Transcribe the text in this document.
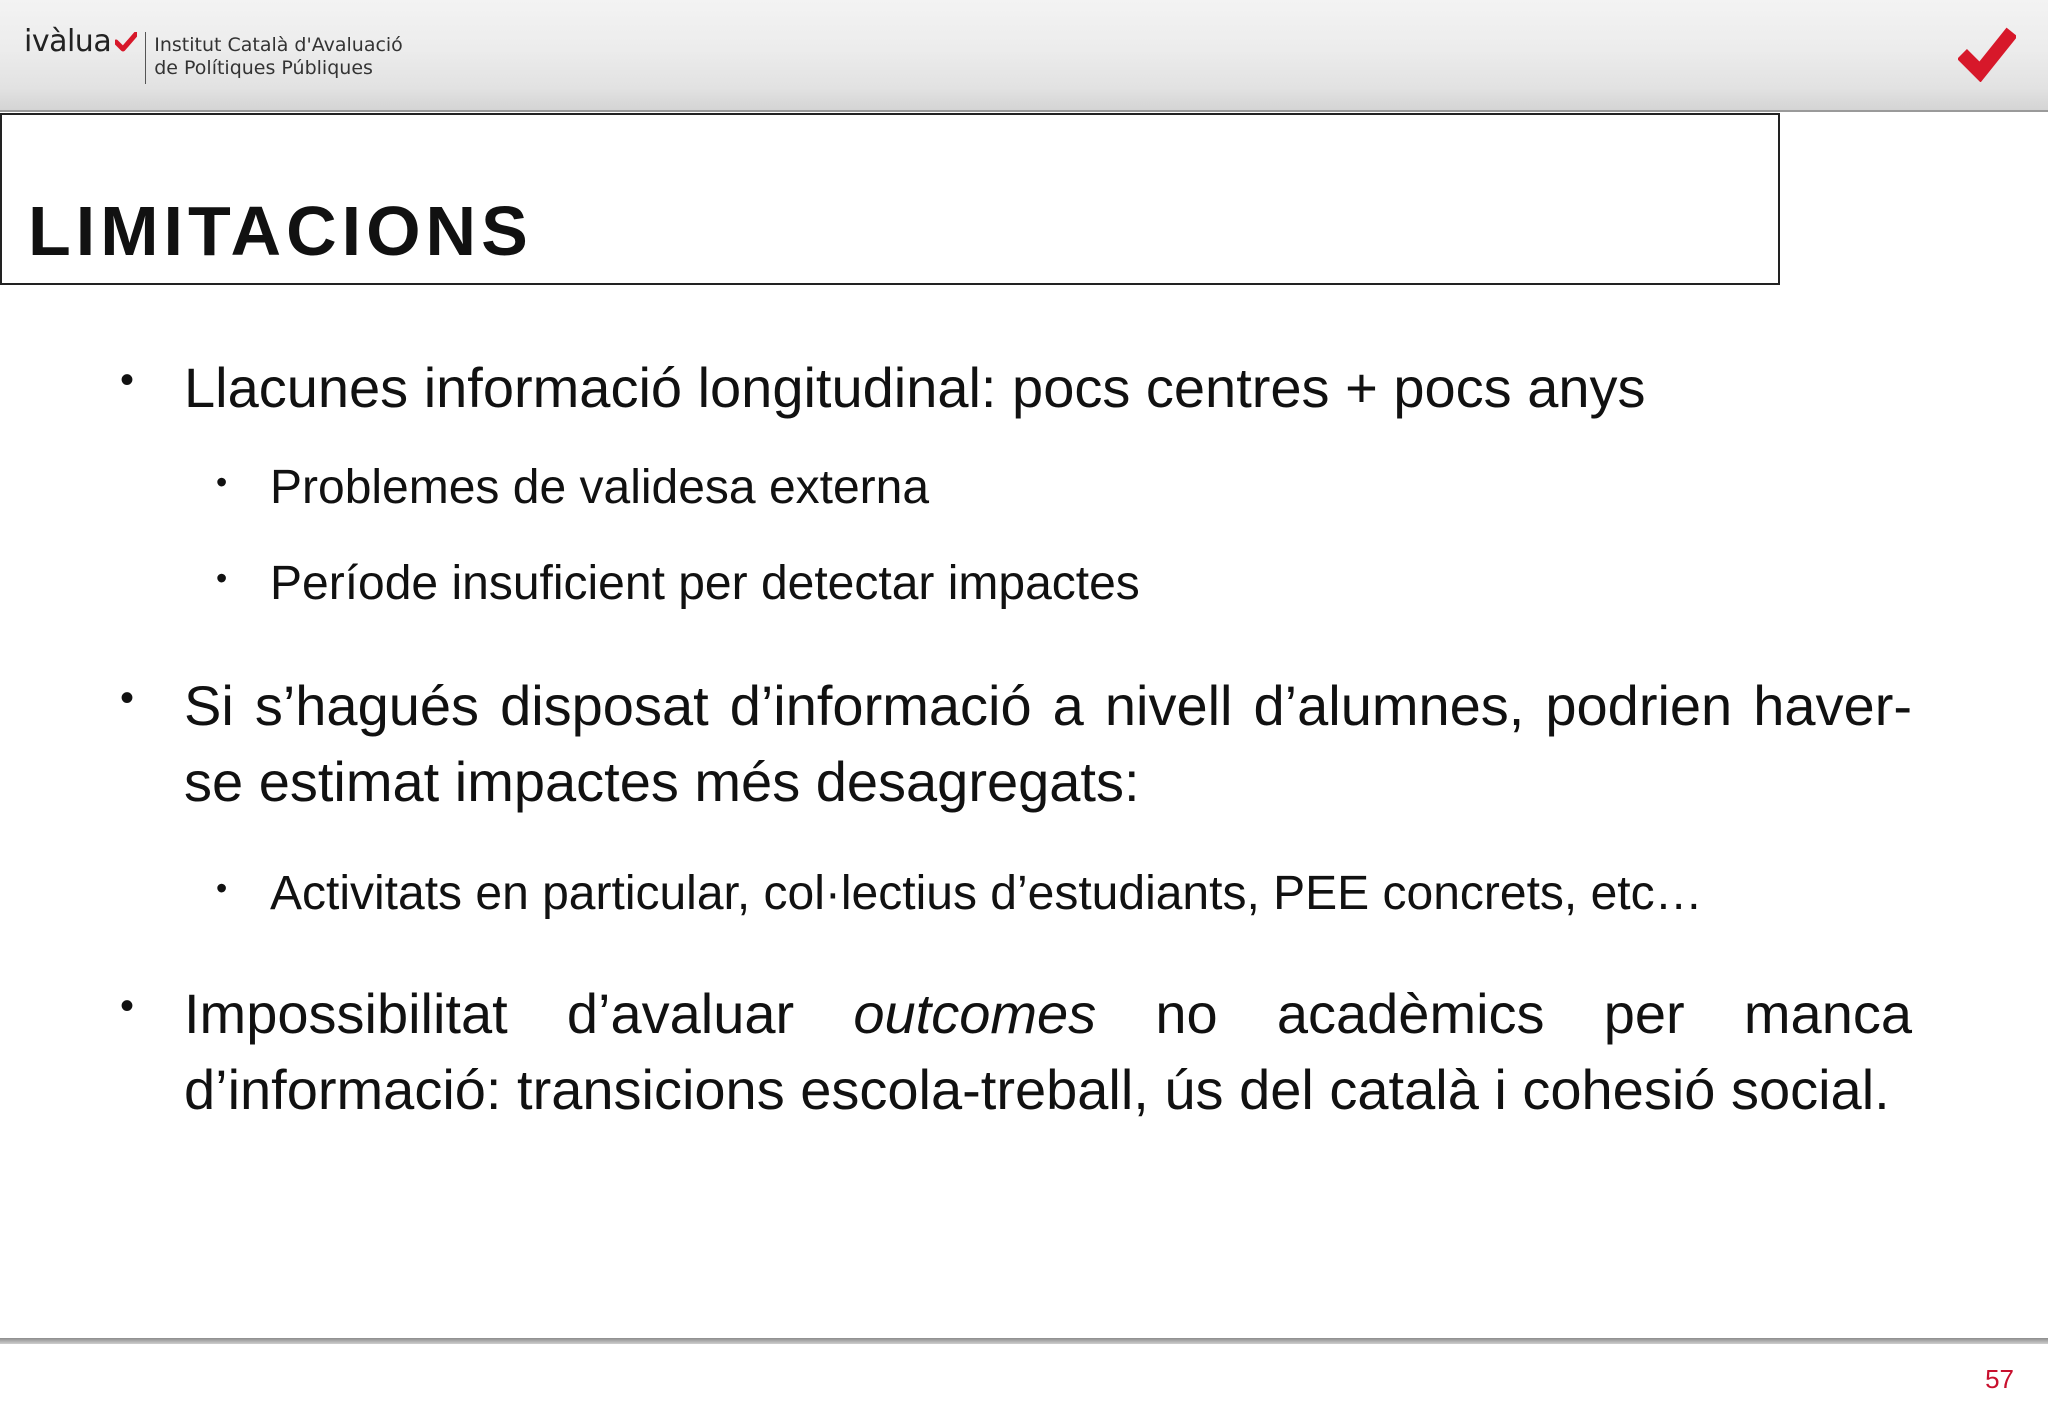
ivàlua Institut Català d'Avaluació
de Polítiques Públiques
LIMITACIONS
• Llacunes informació longitudinal: pocs centres + pocs anys
• Problemes de validesa externa
• Període insuficient per detectar impactes
• Si s’hagués disposat d’informació a nivell d’alumnes, podrien haver-se estimat impactes més desagregats:
• Activitats en particular, col·lectius d’estudiants, PEE concrets, etc…
• Impossibilitat d’avaluar outcomes no acadèmics per manca d’informació: transicions escola-treball, ús del català i cohesió social.
57
